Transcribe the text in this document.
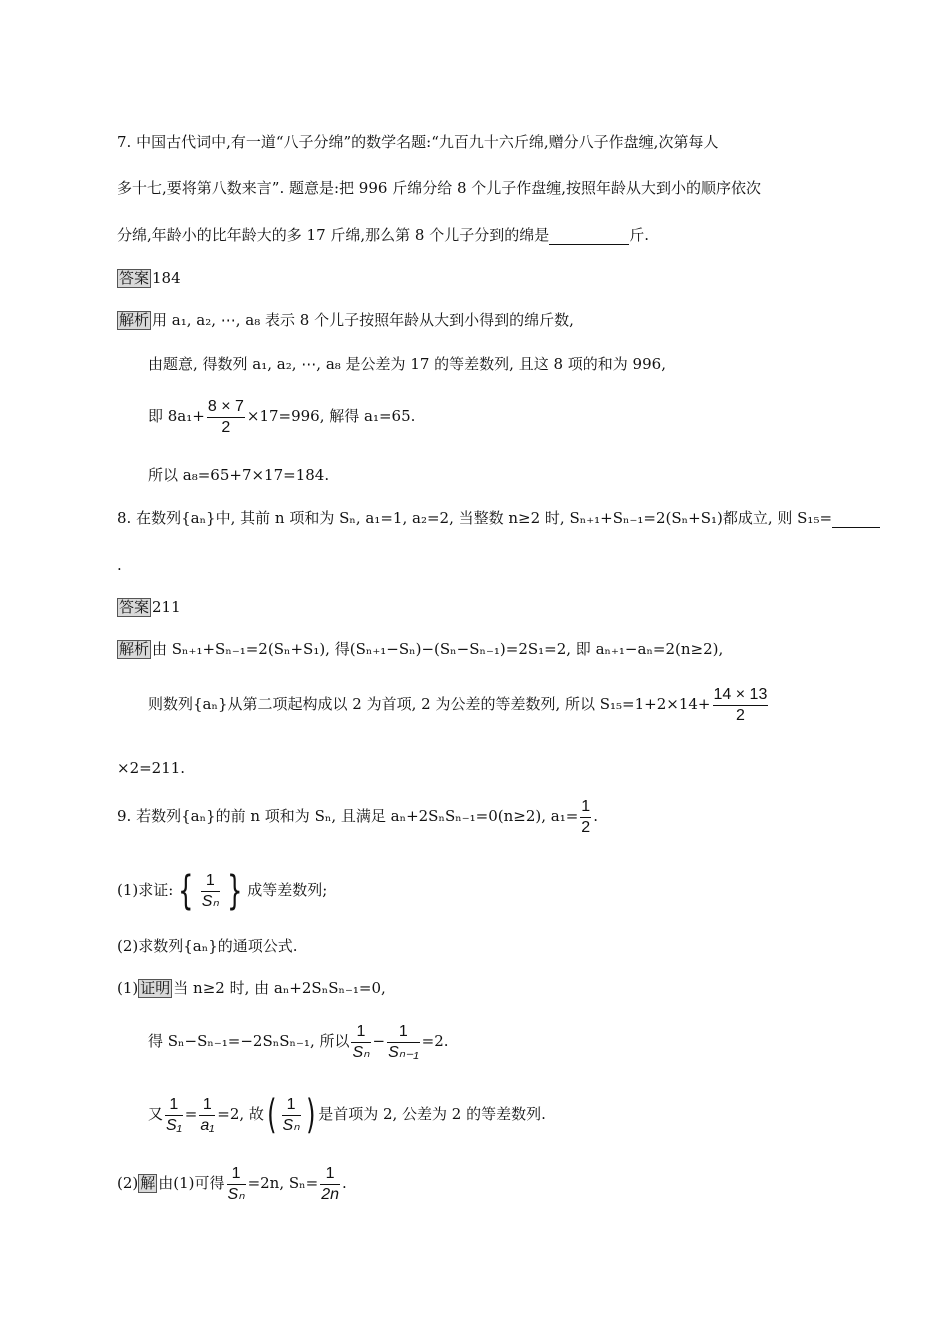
7. 中国古代词中,有一道“八子分绵”的数学名题:“九百九十六斤绵,赠分八子作盘缠,次第每人
多十七,要将第八数来言”. 题意是:把 996 斤绵分给 8 个儿子作盘缠,按照年龄从大到小的顺序依次
分绵,年龄小的比年龄大的多 17 斤绵,那么第 8 个儿子分到的绵是	斤.
答案 184
解析 用 a₁, a₂, ⋯, a₈ 表示 8 个儿子按照年龄从大到小得到的绵斤数,
由题意, 得数列 a₁, a₂, ⋯, a₈ 是公差为 17 的等差数列, 且这 8 项的和为 996,
即 $8a_1+ \frac{8 \times 7}{2} \times 17=996$, 解得 a₁=65.
所以 a₈=65+7×17=184.
8. 在数列{aₙ}中, 其前 n 项和为 Sₙ, a₁=1, a₂=2, 当整数 n≥2 时, Sₙ₊₁+Sₙ₋₁=2(Sₙ+S₁)都成立, 则 S₁₅=
.
答案 211
解析 由 Sₙ₊₁+Sₙ₋₁=2(Sₙ+S₁), 得(Sₙ₊₁−Sₙ)−(Sₙ−Sₙ₋₁)=2S₁=2, 即 aₙ₊₁−aₙ=2(n≥2),
则数列{aₙ}从第二项起构成以 2 为首项, 2 为公差的等差数列, 所以 $S_{15}=1+2\times 14+ \frac{14 \times 13}{2}$
×2=211.
9. 若数列{aₙ}的前 n 项和为 Sₙ, 且满足 aₙ+2SₙSₙ₋₁=0(n≥2), $a_1= \frac{1}{2}$ .
(1)求证: { $\frac{1}{\text{Sₙ}}$ } 成等差数列;
(2)求数列{aₙ}的通项公式.
(1) 证明 当 n≥2 时, 由 aₙ+2SₙSₙ₋₁=0,
得 Sₙ−Sₙ₋₁=−2SₙSₙ₋₁, 所以 $\frac{1}{\text{Sₙ}} - \frac{1}{\text{Sₙ₋₁}} =2$.
又 $\frac{1}{\text{S₁}} = \frac{1}{\text{a₁}} =2$, 故( $\frac{1}{\text{Sₙ}}$ ) 是首项为 2, 公差为 2 的等差数列.
(2) 解 由(1)可得 $\frac{1}{\text{Sₙ}} =2n$, $S_n= \frac{1}{2n}$ .
